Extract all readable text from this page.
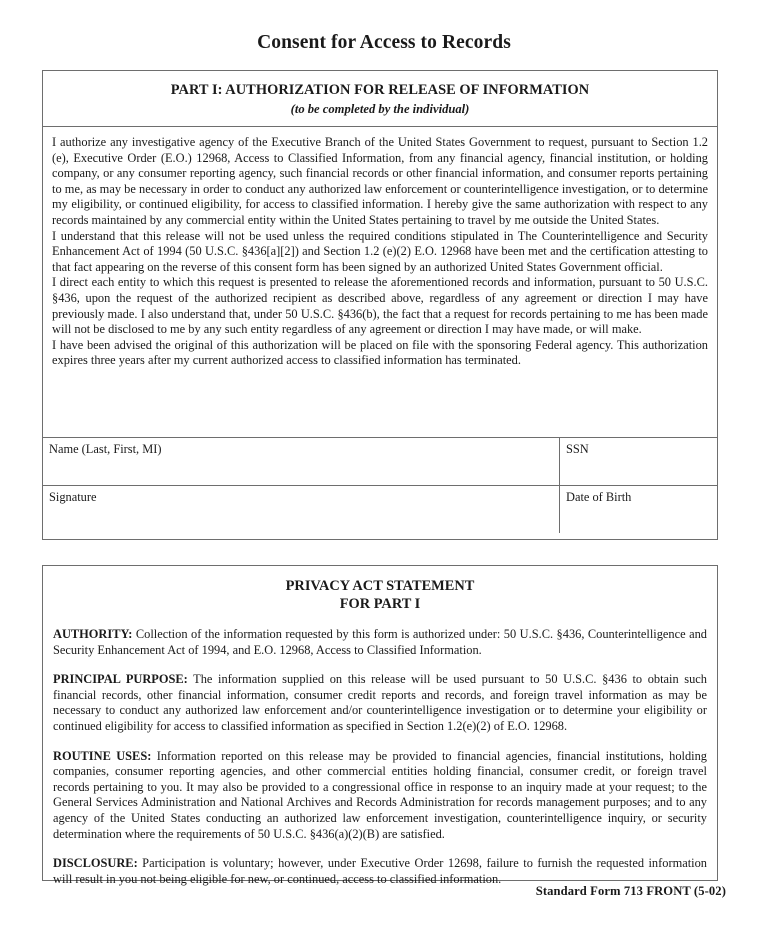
Consent for Access to Records
PART I: AUTHORIZATION FOR RELEASE OF INFORMATION
(to be completed by the individual)

I authorize any investigative agency of the Executive Branch of the United States Government to request, pursuant to Section 1.2 (e), Executive Order (E.O.) 12968, Access to Classified Information, from any financial agency, financial institution, or holding company, or any consumer reporting agency, such financial records or other financial information, and consumer reports pertaining to me, as may be necessary in order to conduct any authorized law enforcement or counterintelligence investigation, or to determine my eligibility, or continued eligibility, for access to classified information. I hereby give the same authorization with respect to any records maintained by any commercial entity within the United States pertaining to travel by me outside the United States.

I understand that this release will not be used unless the required conditions stipulated in The Counterintelligence and Security Enhancement Act of 1994 (50 U.S.C. §436[a][2]) and Section 1.2 (e)(2) E.O. 12968 have been met and the certification attesting to that fact appearing on the reverse of this consent form has been signed by an authorized United States Government official.

I direct each entity to which this request is presented to release the aforementioned records and information, pursuant to 50 U.S.C. §436, upon the request of the authorized recipient as described above, regardless of any agreement or direction I may have previously made. I also understand that, under 50 U.S.C. §436(b), the fact that a request for records pertaining to me has been made will not be disclosed to me by any such entity regardless of any agreement or direction I may have made, or will make.

I have been advised the original of this authorization will be placed on file with the sponsoring Federal agency. This authorization expires three years after my current authorized access to classified information has terminated.

Name (Last, First, MI)	SSN
Signature	Date of Birth
PRIVACY ACT STATEMENT
FOR PART I

AUTHORITY: Collection of the information requested by this form is authorized under: 50 U.S.C. §436, Counterintelligence and Security Enhancement Act of 1994, and E.O. 12968, Access to Classified Information.

PRINCIPAL PURPOSE: The information supplied on this release will be used pursuant to 50 U.S.C. §436 to obtain such financial records, other financial information, consumer credit reports and records, and foreign travel information as may be necessary to conduct any authorized law enforcement and/or counterintelligence investigation or to determine your eligibility or continued eligibility for access to classified information as specified in Section 1.2(e)(2) of E.O. 12968.

ROUTINE USES: Information reported on this release may be provided to financial agencies, financial institutions, holding companies, consumer reporting agencies, and other commercial entities holding financial, consumer credit, or foreign travel records pertaining to you. It may also be provided to a congressional office in response to an inquiry made at your request; to the General Services Administration and National Archives and Records Administration for records management purposes; and to any agency of the United States conducting an authorized law enforcement investigation, counterintelligence inquiry, or security determination where the requirements of 50 U.S.C. §436(a)(2)(B) are satisfied.

DISCLOSURE: Participation is voluntary; however, under Executive Order 12698, failure to furnish the requested information will result in you not being eligible for new, or continued, access to classified information.

Standard Form 713 FRONT (5-02)
